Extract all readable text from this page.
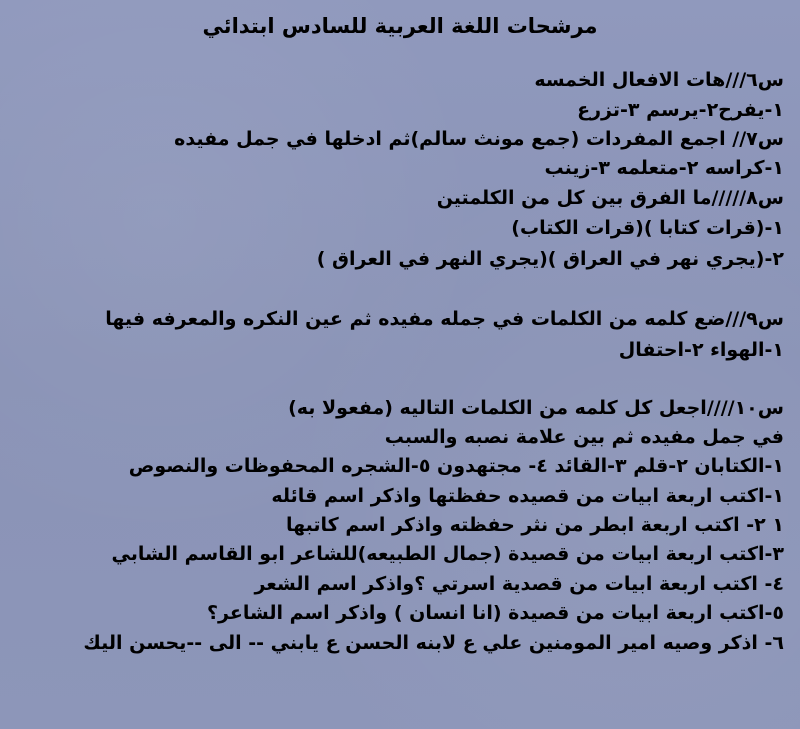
مرشحات اللغة العربية للسادس ابتدائي
س٦///هات الافعال الخمسه
١-يفرح٢-يرسم ٣-تزرع
س٧// اجمع المفردات (جمع مونث سالم)ثم ادخلها في جمل مفيده
١-كراسه ٢-متعلمه ٣-زينب
س٨/////ما الفرق بين كل من الكلمتين
١-(قرات كتابا )(قرات الكتاب)
٢-(يجري نهر في العراق )(يجري النهر في العراق )
س٩///ضع كلمه من الكلمات في جمله مفيده ثم عين النكره والمعرفه فيها
١-الهواء ٢-احتفال
س١٠////اجعل كل كلمه من الكلمات التاليه (مفعولا به)
في جمل مفيده ثم بين علامة نصبه والسبب
١-الكتابان ٢-قلم ٣-القائد ٤- مجتهدون ٥-الشجره المحفوظات والنصوص
١-اكتب اربعة ابيات من قصيده حفظتها واذكر اسم قائله
١ ٢- اكتب اربعة ابطر من نثر حفظته واذكر اسم كاتبها
٣-اكتب اربعة ابيات من قصيدة (جمال الطبيعه)للشاعر ابو القاسم الشابي
٤- اكتب اربعة ابيات من قصدية اسرتي ؟واذكر اسم الشعر
٥-اكتب اربعة ابيات من قصيدة (انا انسان ) واذكر اسم الشاعر؟
٦- اذكر وصيه امير المومنين علي ع لابنه الحسن ع يابني -- الى --يحسن اليك
